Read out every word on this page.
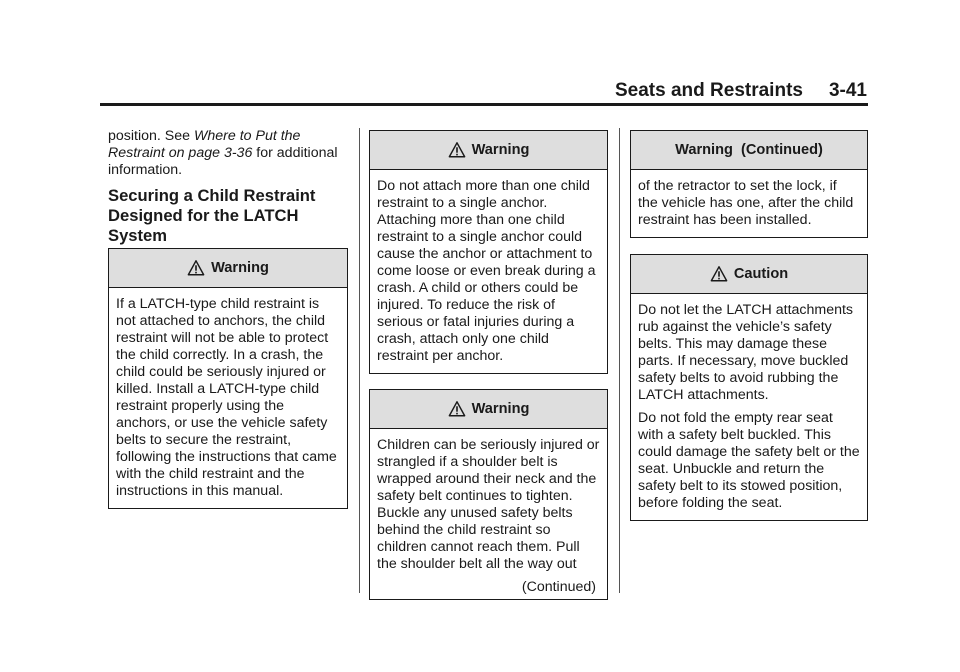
Seats and Restraints 3-41

position. See Where to Put the Restraint on page 3-36 for additional information.

Securing a Child Restraint Designed for the LATCH System
Warning

If a LATCH-type child restraint is not attached to anchors, the child restraint will not be able to protect the child correctly. In a crash, the child could be seriously injured or killed. Install a LATCH-type child restraint properly using the anchors, or use the vehicle safety belts to secure the restraint, following the instructions that came with the child restraint and the instructions in this manual.

Warning

Do not attach more than one child restraint to a single anchor. Attaching more than one child restraint to a single anchor could cause the anchor or attachment to come loose or even break during a crash. A child or others could be injured. To reduce the risk of serious or fatal injuries during a crash, attach only one child restraint per anchor.

Warning

Children can be seriously injured or strangled if a shoulder belt is wrapped around their neck and the safety belt continues to tighten. Buckle any unused safety belts behind the child restraint so children cannot reach them. Pull the shoulder belt all the way out

(Continued)

Warning  (Continued)

of the retractor to set the lock, if the vehicle has one, after the child restraint has been installed.

Caution

Do not let the LATCH attachments rub against the vehicle’s safety belts. This may damage these parts. If necessary, move buckled safety belts to avoid rubbing the LATCH attachments.

Do not fold the empty rear seat with a safety belt buckled. This could damage the safety belt or the seat. Unbuckle and return the safety belt to its stowed position, before folding the seat.
